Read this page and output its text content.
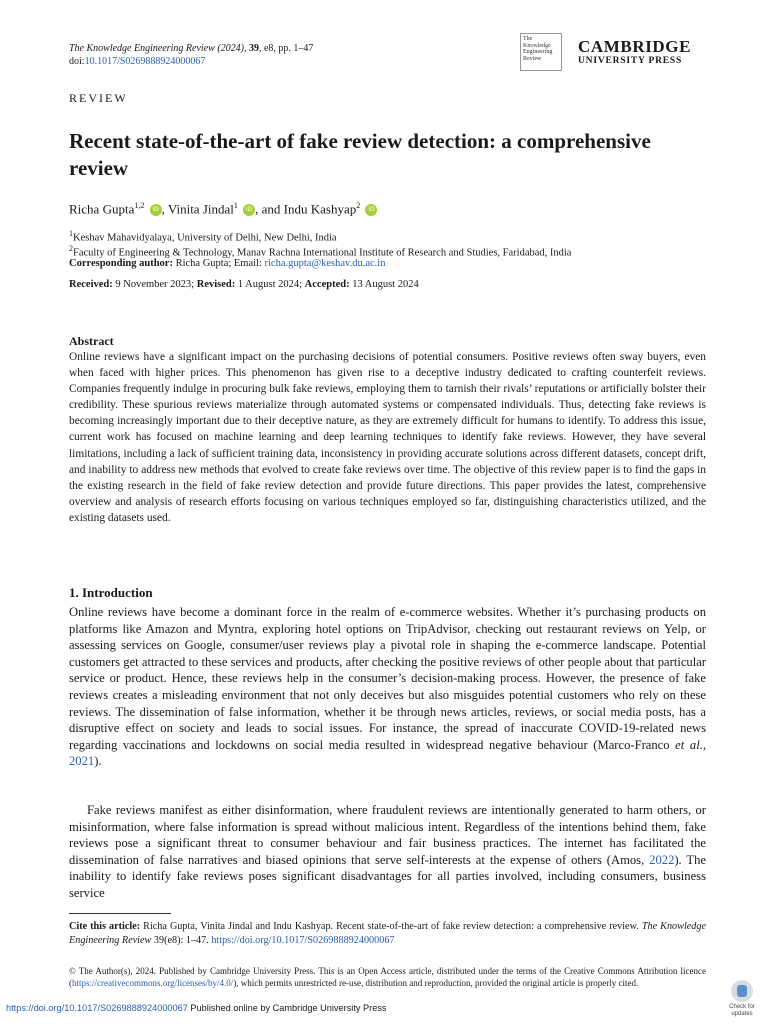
The Knowledge Engineering Review (2024), 39, e8, pp. 1–47
doi:10.1017/S0269888924000067
The Knowledge Engineering Review
CAMBRIDGE
UNIVERSITY PRESS
REVIEW
Recent state-of-the-art of fake review detection: a comprehensive review
Richa Gupta$^{1,2}$ iD , Vinita Jindal$^1$ iD , and Indu Kashyap$^2$ iD
$^1$Keshav Mahavidyalaya, University of Delhi, New Delhi, India
$^2$Faculty of Engineering & Technology, Manav Rachna International Institute of Research and Studies, Faridabad, India
Corresponding author: Richa Gupta; Email: richa.gupta@keshav.du.ac.in
Received: 9 November 2023; Revised: 1 August 2024; Accepted: 13 August 2024
Abstract
Online reviews have a significant impact on the purchasing decisions of potential consumers. Positive reviews often sway buyers, even when faced with higher prices. This phenomenon has given rise to a deceptive industry dedicated to crafting counterfeit reviews. Companies frequently indulge in procuring bulk fake reviews, employing them to tarnish their rivals’ reputations or artificially bolster their credibility. These spurious reviews materialize through automated systems or compensated individuals. Thus, detecting fake reviews is becoming increasingly important due to their deceptive nature, as they are extremely difficult for humans to identify. To address this issue, current work has focused on machine learning and deep learning techniques to identify fake reviews. However, they have several limitations, including a lack of sufficient training data, inconsistency in providing accurate solutions across different datasets, concept drift, and inability to address new methods that evolved to create fake reviews over time. The objective of this review paper is to find the gaps in the existing research in the field of fake review detection and provide future directions. This paper provides the latest, comprehensive overview and analysis of research efforts focusing on various techniques employed so far, distinguishing characteristics utilized, and the existing datasets used.
1. Introduction
Online reviews have become a dominant force in the realm of e-commerce websites. Whether it’s purchasing products on platforms like Amazon and Myntra, exploring hotel options on TripAdvisor, checking out restaurant reviews on Yelp, or assessing services on Google, consumer/user reviews play a pivotal role in shaping the e-commerce landscape. Potential customers get attracted to these services and products, after checking the positive reviews of other people about that particular service or product. Hence, these reviews help in the consumer’s decision-making process. However, the presence of fake reviews creates a misleading environment that not only deceives but also misguides potential customers who rely on these reviews. The dissemination of false information, whether it be through news articles, reviews, or social media posts, has a disruptive effect on society and leads to social issues. For instance, the spread of inaccurate COVID-19-related news regarding vaccinations and lockdowns on social media resulted in widespread negative behaviour (Marco-Franco et al., 2021).
Fake reviews manifest as either disinformation, where fraudulent reviews are intentionally generated to harm others, or misinformation, where false information is spread without malicious intent. Regardless of the intentions behind them, fake reviews pose a significant threat to consumer behaviour and fair business practices. The internet has facilitated the dissemination of false narratives and biased opinions that serve self-interests at the expense of others (Amos, 2022). The inability to identify fake reviews poses significant disadvantages for all parties involved, including consumers, business service
Cite this article: Richa Gupta, Vinita Jindal and Indu Kashyap. Recent state-of-the-art of fake review detection: a comprehensive review. The Knowledge Engineering Review 39(e8): 1–47. https://doi.org/10.1017/S0269888924000067
© The Author(s), 2024. Published by Cambridge University Press. This is an Open Access article, distributed under the terms of the Creative Commons Attribution licence (https://creativecommons.org/licenses/by/4.0/), which permits unrestricted re-use, distribution and reproduction, provided the original article is properly cited.
https://doi.org/10.1017/S0269888924000067 Published online by Cambridge University Press	Check for
updates
